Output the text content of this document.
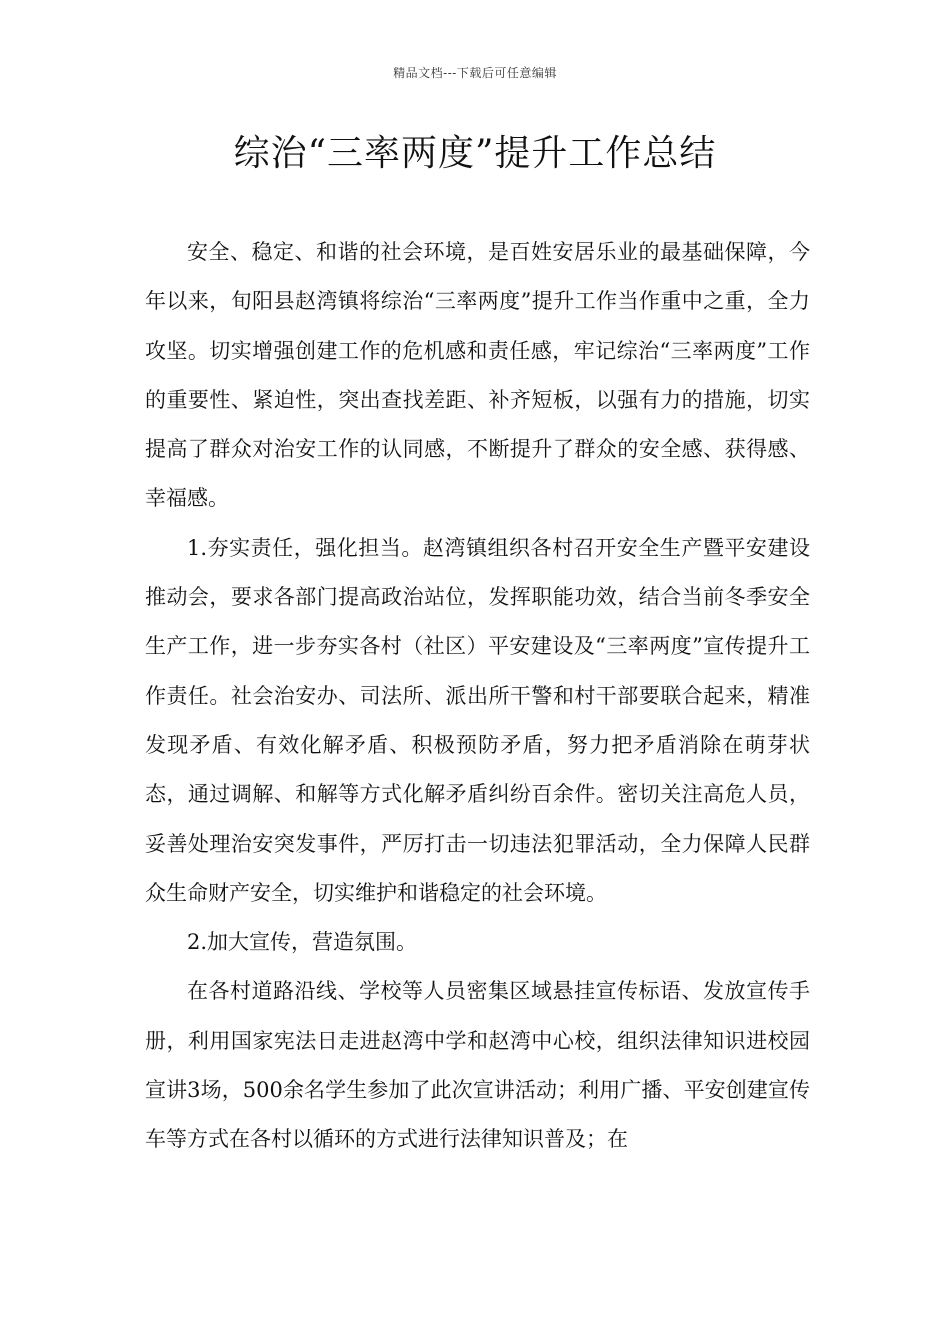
精品文档---下载后可任意编辑
综治“三率两度”提升工作总结

安全、稳定、和谐的社会环境，是百姓安居乐业的最基础保障，今年以来，旬阳县赵湾镇将综治“三率两度”提升工作当作重中之重，全力攻坚。切实增强创建工作的危机感和责任感，牢记综治“三率两度”工作的重要性、紧迫性，突出查找差距、补齐短板，以强有力的措施，切实提高了群众对治安工作的认同感，不断提升了群众的安全感、获得感、幸福感。

1.夯实责任，强化担当。赵湾镇组织各村召开安全生产暨平安建设推动会，要求各部门提高政治站位，发挥职能功效，结合当前冬季安全生产工作，进一步夯实各村（社区）平安建设及“三率两度”宣传提升工作责任。社会治安办、司法所、派出所干警和村干部要联合起来，精准发现矛盾、有效化解矛盾、积极预防矛盾，努力把矛盾消除在萌芽状态，通过调解、和解等方式化解矛盾纠纷百余件。密切关注高危人员，妥善处理治安突发事件，严厉打击一切违法犯罪活动，全力保障人民群众生命财产安全，切实维护和谐稳定的社会环境。

2.加大宣传，营造氛围。

在各村道路沿线、学校等人员密集区域悬挂宣传标语、发放宣传手册，利用国家宪法日走进赵湾中学和赵湾中心校，组织法律知识进校园宣讲3场，500余名学生参加了此次宣讲活动；利用广播、平安创建宣传车等方式在各村以循环的方式进行法律知识普及；在
